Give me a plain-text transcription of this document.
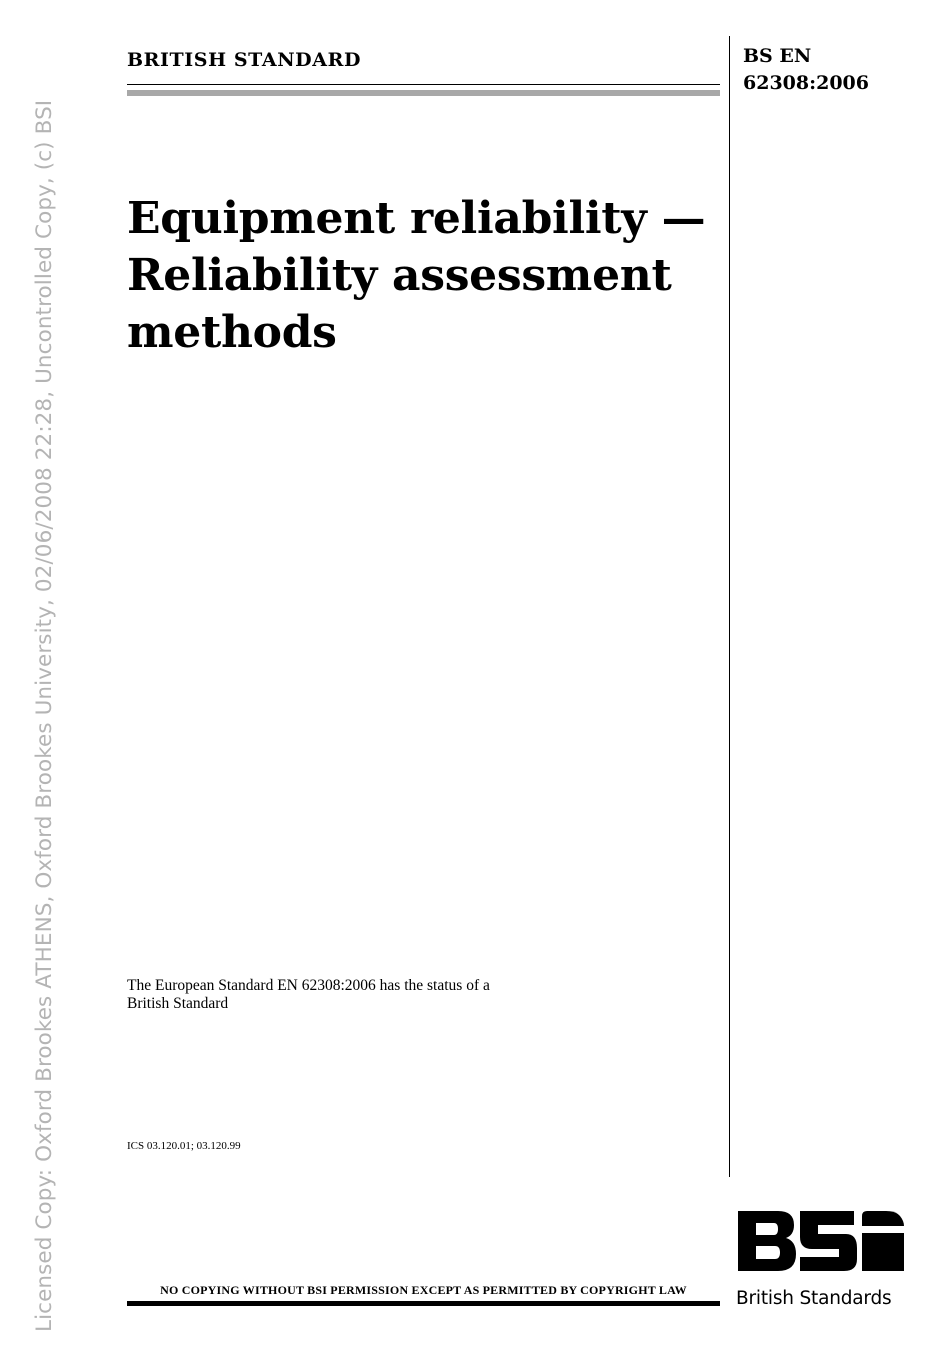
Licensed Copy: Oxford Brookes ATHENS, Oxford Brookes University, 02/06/2008 22:28, Uncontrolled Copy, (c) BSI

BRITISH STANDARD	BS EN
62308:2006

Equipment reliability —
Reliability assessment
methods

The European Standard EN 62308:2006 has the status of a
British Standard

ICS 03.120.01; 03.120.99

NO COPYING WITHOUT BSI PERMISSION EXCEPT AS PERMITTED BY COPYRIGHT LAW	British Standards
